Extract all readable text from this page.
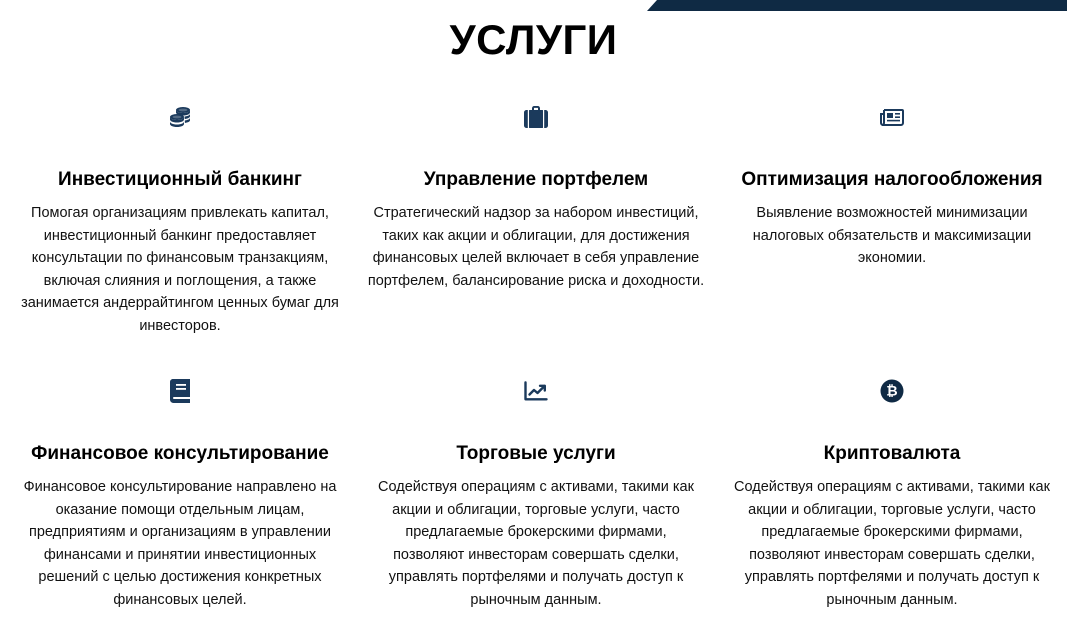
УСЛУГИ
Инвестиционный банкинг

Помогая организациям привлекать капитал, инвестиционный банкинг предоставляет консультации по финансовым транзакциям, включая слияния и поглощения, а также занимается андеррайтингом ценных бумаг для инвесторов.

Управление портфелем

Стратегический надзор за набором инвестиций, таких как акции и облигации, для достижения финансовых целей включает в себя управление портфелем, балансирование риска и доходности.

Оптимизация налогообложения

Выявление возможностей минимизации налоговых обязательств и максимизации экономии.

Финансовое консультирование

Финансовое консультирование направлено на оказание помощи отдельным лицам, предприятиям и организациям в управлении финансами и принятии инвестиционных решений с целью достижения конкретных финансовых целей.

Торговые услуги

Содействуя операциям с активами, такими как акции и облигации, торговые услуги, часто предлагаемые брокерскими фирмами, позволяют инвесторам совершать сделки, управлять портфелями и получать доступ к рыночным данным.

₿
Криптовалюта

Содействуя операциям с активами, такими как акции и облигации, торговые услуги, часто предлагаемые брокерскими фирмами, позволяют инвесторам совершать сделки, управлять портфелями и получать доступ к рыночным данным.
